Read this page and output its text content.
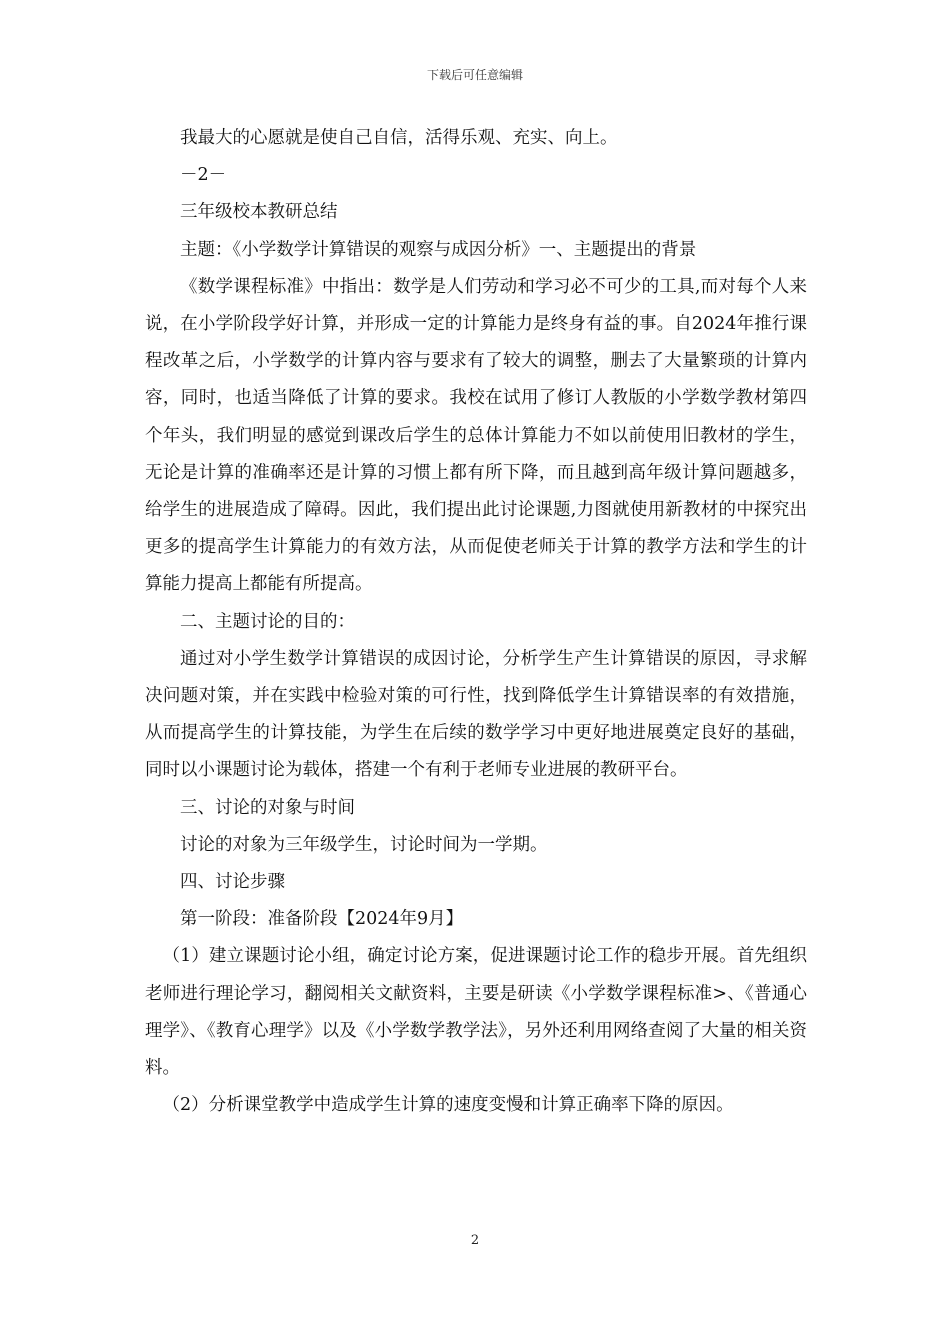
下载后可任意编辑

我最大的心愿就是使自己自信，活得乐观、充实、向上。

－2－

三年级校本教研总结

主题：《小学数学计算错误的观察与成因分析》一、主题提出的背景

《数学课程标准》中指出：数学是人们劳动和学习必不可少的工具,而对每个人来说，在小学阶段学好计算，并形成一定的计算能力是终身有益的事。自2024年推行课程改革之后，小学数学的计算内容与要求有了较大的调整，删去了大量繁琐的计算内容，同时，也适当降低了计算的要求。我校在试用了修订人教版的小学数学教材第四个年头，我们明显的感觉到课改后学生的总体计算能力不如以前使用旧教材的学生，无论是计算的准确率还是计算的习惯上都有所下降，而且越到高年级计算问题越多，给学生的进展造成了障碍。因此，我们提出此讨论课题,力图就使用新教材的中探究出更多的提高学生计算能力的有效方法，从而促使老师关于计算的教学方法和学生的计算能力提高上都能有所提高。

二、主题讨论的目的：

通过对小学生数学计算错误的成因讨论，分析学生产生计算错误的原因，寻求解决问题对策，并在实践中检验对策的可行性，找到降低学生计算错误率的有效措施，从而提高学生的计算技能，为学生在后续的数学学习中更好地进展奠定良好的基础，同时以小课题讨论为载体，搭建一个有利于老师专业进展的教研平台。

三、讨论的对象与时间

讨论的对象为三年级学生，讨论时间为一学期。

四、讨论步骤

第一阶段：准备阶段【2024年9月】

（1）建立课题讨论小组，确定讨论方案，促进课题讨论工作的稳步开展。首先组织老师进行理论学习，翻阅相关文献资料，主要是研读《小学数学课程标准>、《普通心理学》、《教育心理学》以及《小学数学教学法》，另外还利用网络查阅了大量的相关资料。

（2）分析课堂教学中造成学生计算的速度变慢和计算正确率下降的原因。

2
